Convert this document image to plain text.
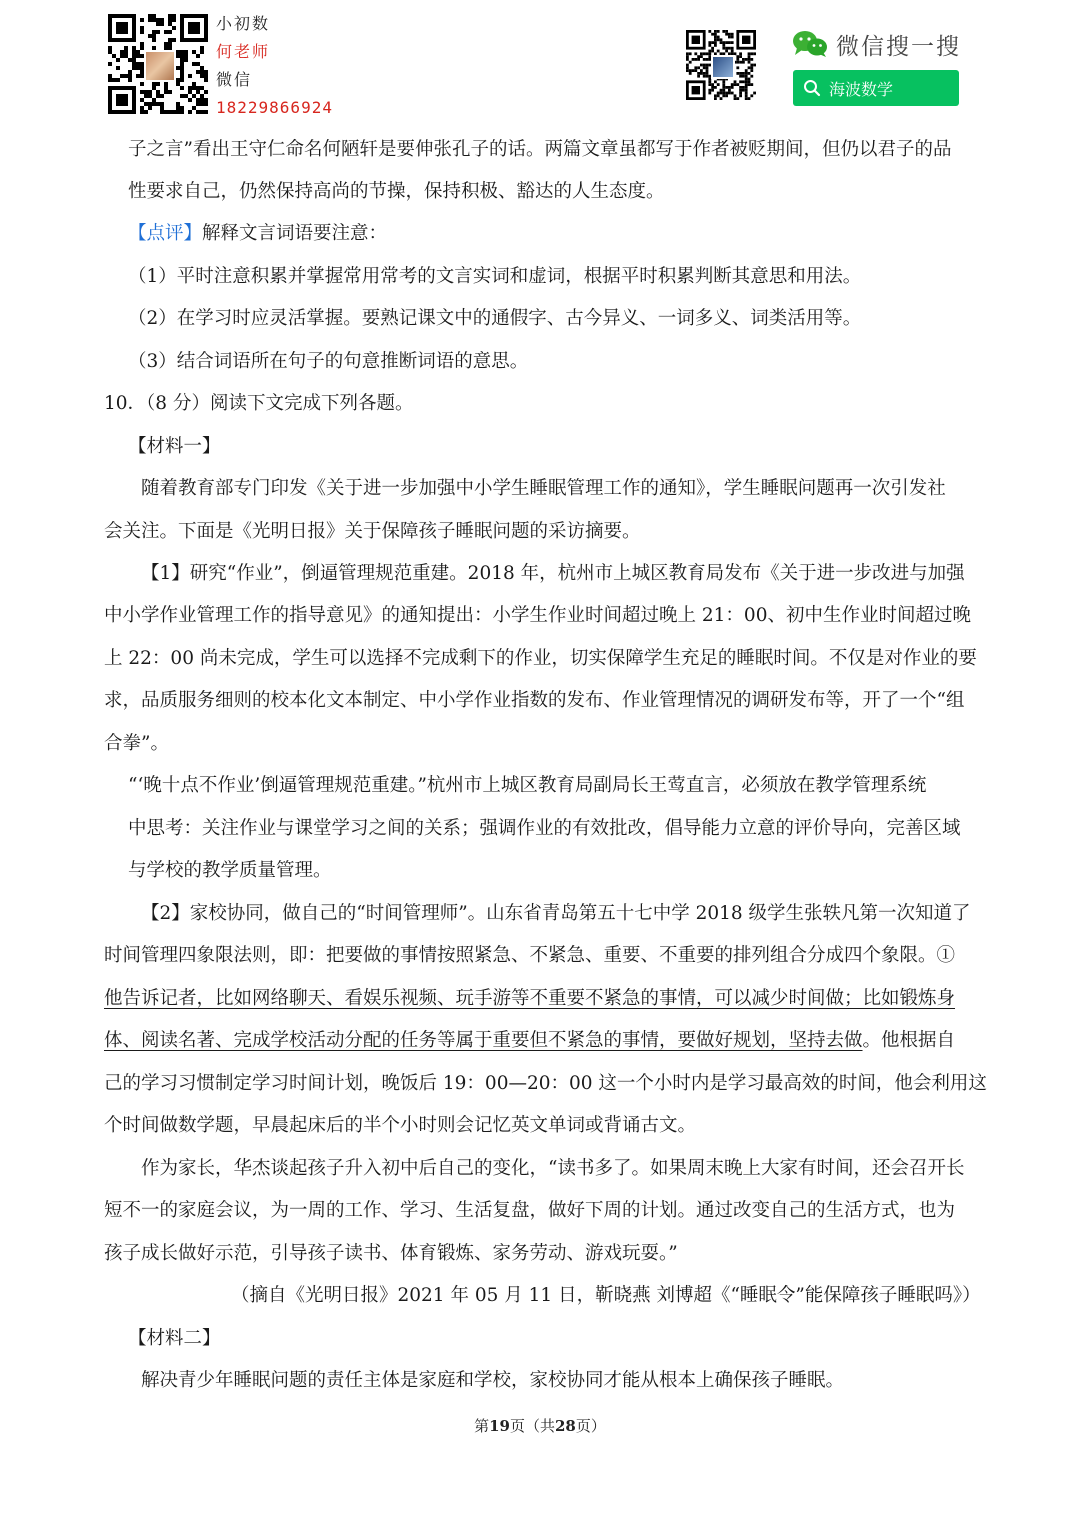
小初数
何老师
微信
18229866924
微信搜一搜
海波数学
子之言”看出王守仁命名何陋轩是要伸张孔子的话。两篇文章虽都写于作者被贬期间，但仍以君子的品
性要求自己，仍然保持高尚的节操，保持积极、豁达的人生态度。
【点评】解释文言词语要注意：
（1）平时注意积累并掌握常用常考的文言实词和虚词，根据平时积累判断其意思和用法。
（2）在学习时应灵活掌握。要熟记课文中的通假字、古今异义、一词多义、词类活用等。
（3）结合词语所在句子的句意推断词语的意思。
10．（8 分）阅读下文完成下列各题。
【材料一】
随着教育部专门印发《关于进一步加强中小学生睡眠管理工作的通知》，学生睡眠问题再一次引发社
会关注。下面是《光明日报》关于保障孩子睡眠问题的采访摘要。
【1】研究“作业”，倒逼管理规范重建。2018 年，杭州市上城区教育局发布《关于进一步改进与加强
中小学作业管理工作的指导意见》的通知提出：小学生作业时间超过晚上 21：00、初中生作业时间超过晚
上 22：00 尚未完成，学生可以选择不完成剩下的作业，切实保障学生充足的睡眠时间。不仅是对作业的要
求，品质服务细则的校本化文本制定、中小学作业指数的发布、作业管理情况的调研发布等，开了一个“组
合拳”。
“‘晚十点不作业’倒逼管理规范重建。”杭州市上城区教育局副局长王莺直言，必须放在教学管理系统
中思考：关注作业与课堂学习之间的关系；强调作业的有效批改，倡导能力立意的评价导向，完善区域
与学校的教学质量管理。
【2】家校协同，做自己的“时间管理师”。山东省青岛第五十七中学 2018 级学生张轶凡第一次知道了
时间管理四象限法则，即：把要做的事情按照紧急、不紧急、重要、不重要的排列组合分成四个象限。①
他告诉记者，比如网络聊天、看娱乐视频、玩手游等不重要不紧急的事情，可以减少时间做；比如锻炼身
体、阅读名著、完成学校活动分配的任务等属于重要但不紧急的事情，要做好规划，坚持去做。他根据自
己的学习习惯制定学习时间计划，晚饭后 19：00—20：00 这一个小时内是学习最高效的时间，他会利用这
个时间做数学题，早晨起床后的半个小时则会记忆英文单词或背诵古文。
作为家长，华杰谈起孩子升入初中后自己的变化，“读书多了。如果周末晚上大家有时间，还会召开长
短不一的家庭会议，为一周的工作、学习、生活复盘，做好下周的计划。通过改变自己的生活方式，也为
孩子成长做好示范，引导孩子读书、体育锻炼、家务劳动、游戏玩耍。”
（摘自《光明日报》2021 年 05 月 11 日，靳晓燕 刘博超《“睡眠令”能保障孩子睡眠吗》）
【材料二】
解决青少年睡眠问题的责任主体是家庭和学校，家校协同才能从根本上确保孩子睡眠。
第19页（共28页）
